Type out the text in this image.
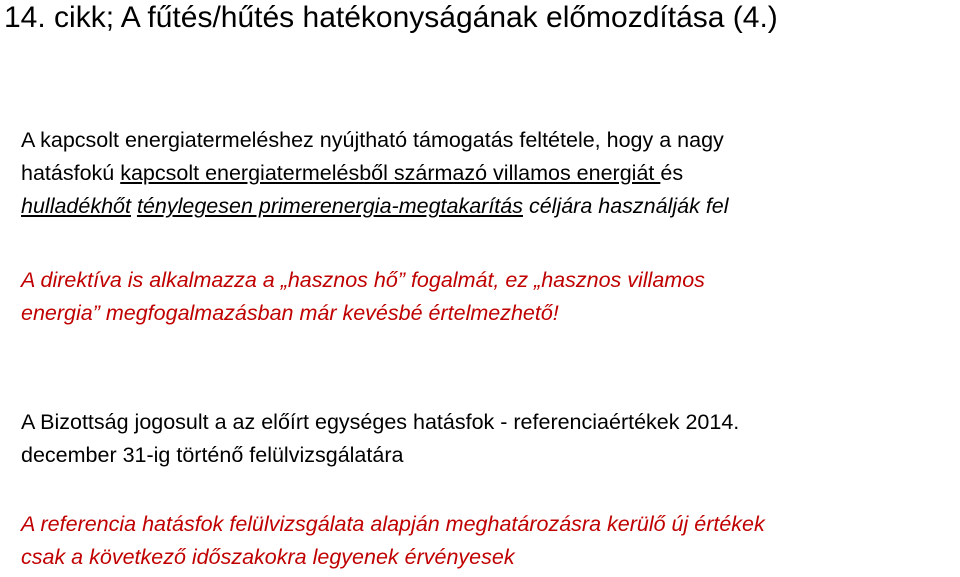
14. cikk; A fűtés/hűtés hatékonyságának előmozdítása (4.)

A kapcsolt energiatermeléshez nyújtható támogatás feltétele, hogy a nagy
hatásfokú kapcsolt energiatermelésből származó villamos energiát és
hulladékhőt ténylegesen primerenergia-megtakarítás céljára használják fel

A direktíva is alkalmazza a „hasznos hő” fogalmát, ez „hasznos villamos
energia” megfogalmazásban már kevésbé értelmezhető!

A Bizottság jogosult a az előírt egységes hatásfok - referenciaértékek 2014.
december 31-ig történő felülvizsgálatára

A referencia hatásfok felülvizsgálata alapján meghatározásra kerülő új értékek
csak a következő időszakokra legyenek érvényesek
